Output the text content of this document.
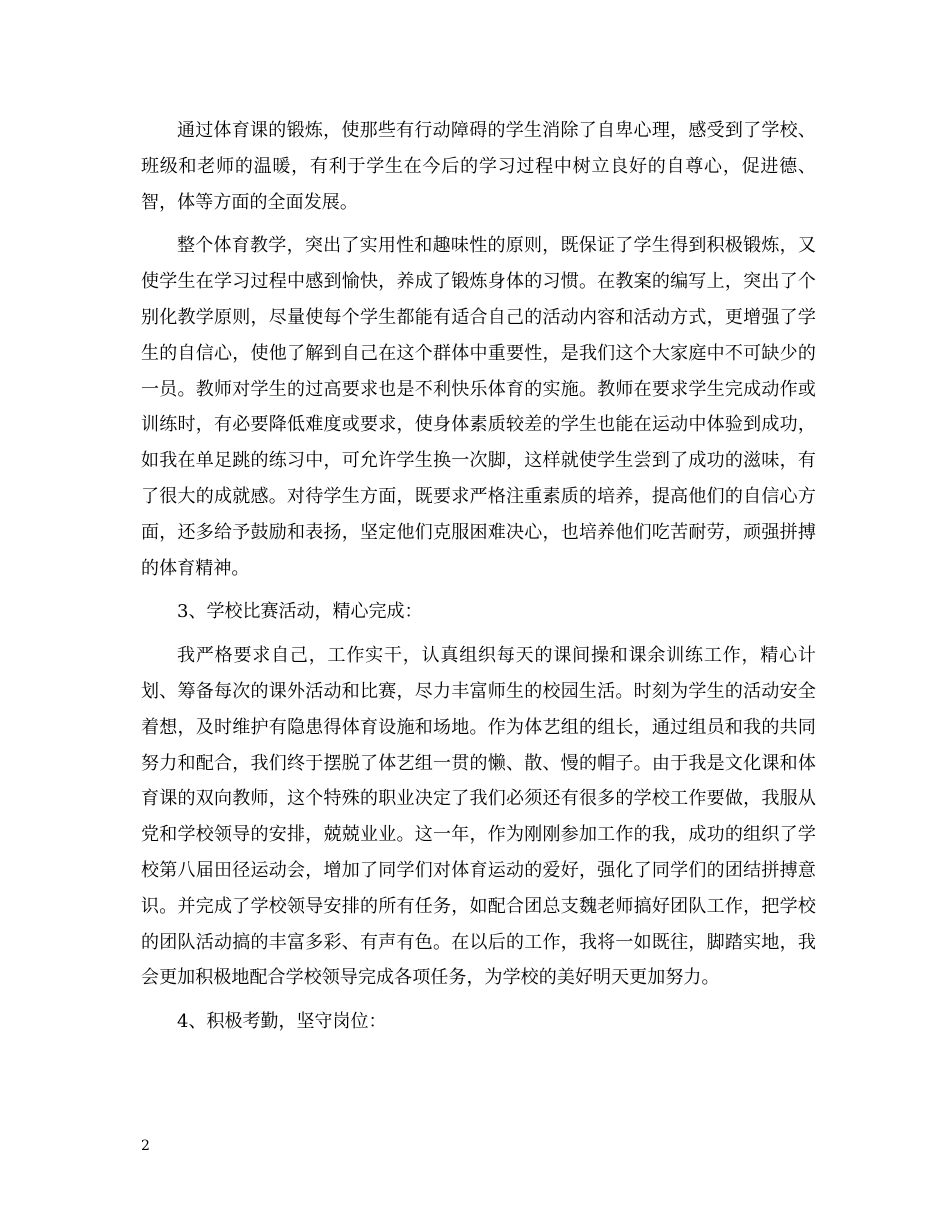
通过体育课的锻炼，使那些有行动障碍的学生消除了自卑心理，感受到了学校、班级和老师的温暖，有利于学生在今后的学习过程中树立良好的自尊心，促进德、智，体等方面的全面发展。

整个体育教学，突出了实用性和趣味性的原则，既保证了学生得到积极锻炼，又使学生在学习过程中感到愉快，养成了锻炼身体的习惯。在教案的编写上，突出了个别化教学原则，尽量使每个学生都能有适合自己的活动内容和活动方式，更增强了学生的自信心，使他了解到自己在这个群体中重要性，是我们这个大家庭中不可缺少的一员。教师对学生的过高要求也是不利快乐体育的实施。教师在要求学生完成动作或训练时，有必要降低难度或要求，使身体素质较差的学生也能在运动中体验到成功，如我在单足跳的练习中，可允许学生换一次脚，这样就使学生尝到了成功的滋味，有了很大的成就感。对待学生方面，既要求严格注重素质的培养，提高他们的自信心方面，还多给予鼓励和表扬，坚定他们克服困难决心，也培养他们吃苦耐劳，顽强拼搏的体育精神。

3、学校比赛活动，精心完成：

我严格要求自己，工作实干，认真组织每天的课间操和课余训练工作，精心计划、筹备每次的课外活动和比赛，尽力丰富师生的校园生活。时刻为学生的活动安全着想，及时维护有隐患得体育设施和场地。作为体艺组的组长，通过组员和我的共同努力和配合，我们终于摆脱了体艺组一贯的懒、散、慢的帽子。由于我是文化课和体育课的双向教师，这个特殊的职业决定了我们必须还有很多的学校工作要做，我服从党和学校领导的安排，兢兢业业。这一年，作为刚刚参加工作的我，成功的组织了学校第八届田径运动会，增加了同学们对体育运动的爱好，强化了同学们的团结拼搏意识。并完成了学校领导安排的所有任务，如配合团总支魏老师搞好团队工作，把学校的团队活动搞的丰富多彩、有声有色。在以后的工作，我将一如既往，脚踏实地，我会更加积极地配合学校领导完成各项任务，为学校的美好明天更加努力。

4、积极考勤，坚守岗位：

2
